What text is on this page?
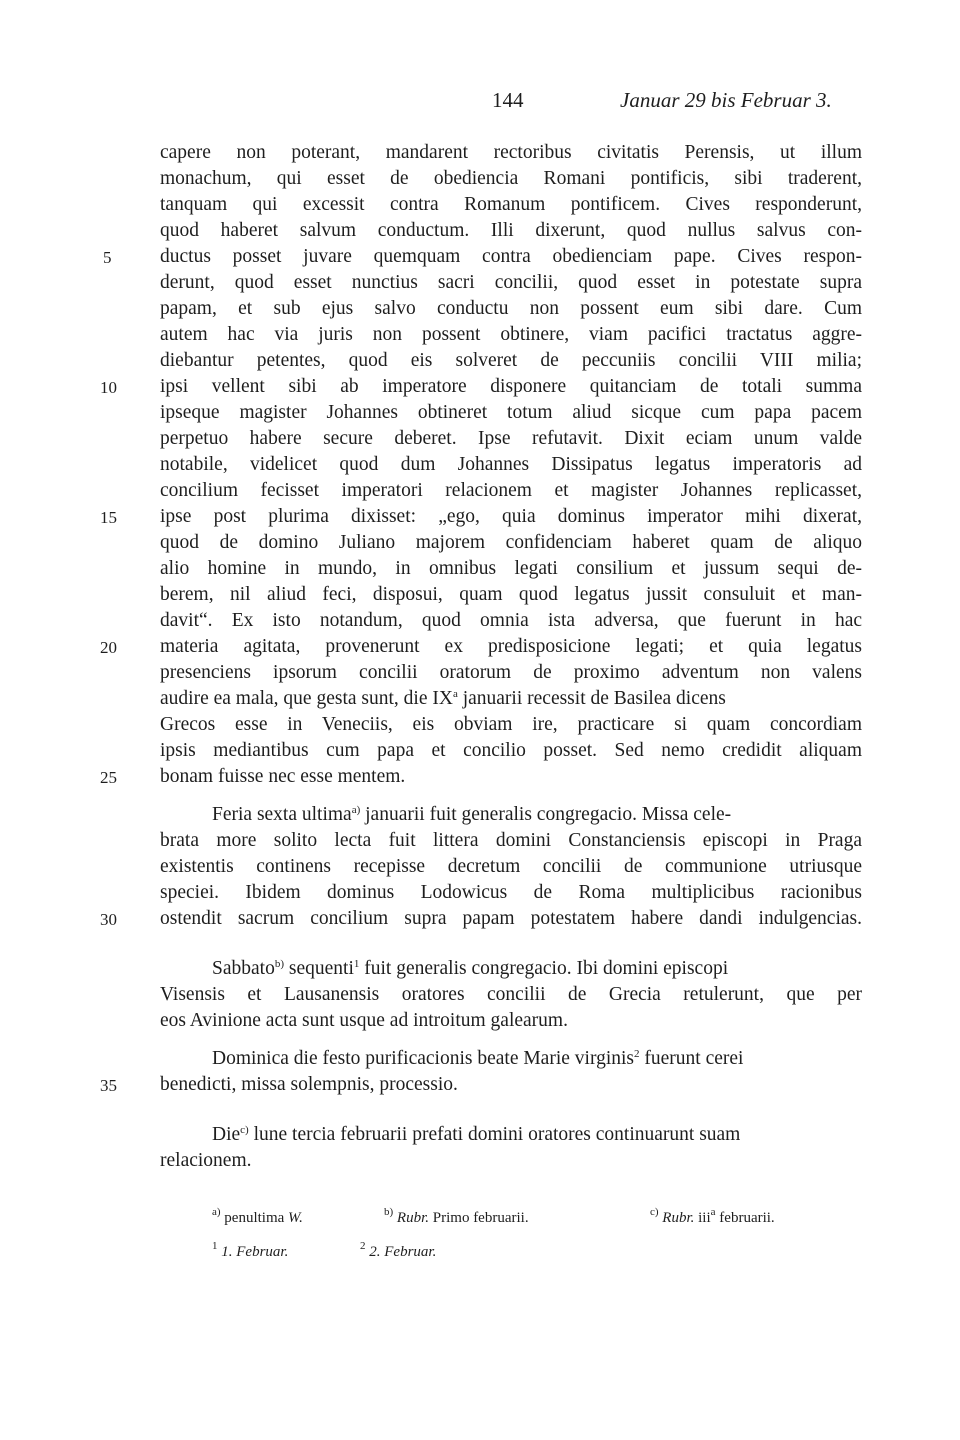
144	Januar 29 bis Februar 3.
capere non poterant, mandarent rectoribus civitatis Perensis, ut illum
monachum, qui esset de obediencia Romani pontificis, sibi traderent,
tanquam qui excessit contra Romanum pontificem. Cives responderunt,
quod haberet salvum conductum. Illi dixerunt, quod nullus salvus con-
ductus posset juvare quemquam contra obedienciam pape. Cives respon-
derunt, quod esset nunctius sacri concilii, quod esset in potestate supra
papam, et sub ejus salvo conductu non possent eum sibi dare. Cum
autem hac via juris non possent obtinere, viam pacifici tractatus aggre-
diebantur petentes, quod eis solveret de peccuniis concilii VIII milia;
ipsi vellent sibi ab imperatore disponere quitanciam de totali summa
ipseque magister Johannes obtineret totum aliud sicque cum papa pacem
perpetuo habere secure deberet. Ipse refutavit. Dixit eciam unum valde
notabile, videlicet quod dum Johannes Dissipatus legatus imperatoris ad
concilium fecisset imperatori relacionem et magister Johannes replicasset,
ipse post plurima dixisset: „ego, quia dominus imperator mihi dixerat,
quod de domino Juliano majorem confidenciam haberet quam de aliquo
alio homine in mundo, in omnibus legati consilium et jussum sequi de-
berem, nil aliud feci, disposui, quam quod legatus jussit consuluit et man-
davit“. Ex isto notandum, quod omnia ista adversa, que fuerunt in hac
materia agitata, provenerunt ex predisposicione legati; et quia legatus
presenciens ipsorum concilii oratorum de proximo adventum non valens
audire ea mala, que gesta sunt, die $IX^a$ januarii recessit de Basilea dicens
Grecos esse in Veneciis, eis obviam ire, practicare si quam concordiam
ipsis mediantibus cum papa et concilio posset. Sed nemo credidit aliquam
bonam fuisse nec esse mentem.
Feria sexta ultima$^{a)}$ januarii fuit generalis congregacio. Missa cele-
brata more solito lecta fuit littera domini Constanciensis episcopi in Praga
existentis continens recepisse decretum concilii de communione utriusque
speciei. Ibidem dominus Lodowicus de Roma multiplicibus racionibus
ostendit sacrum concilium supra papam potestatem habere dandi indulgencias.
Sabbato$^{b)}$ sequenti$^1$ fuit generalis congregacio. Ibi domini episcopi
Visensis et Lausanensis oratores concilii de Grecia retulerunt, que per
eos Avinione acta sunt usque ad introitum galearum.
Dominica die festo purificacionis beate Marie virginis$^2$ fuerunt cerei
benedicti, missa solempnis, processio.
Die$^{c)}$ lune tercia februarii prefati domini oratores continuarunt suam
relacionem.
5
10
15
20
25
30
35
$^{a)}$ penultima W.	$^{b)}$ Rubr. Primo februarii.	$^{c)}$ Rubr. iii$^a$ februarii.
$^1$ 1. Februar.	$^2$ 2. Februar.
